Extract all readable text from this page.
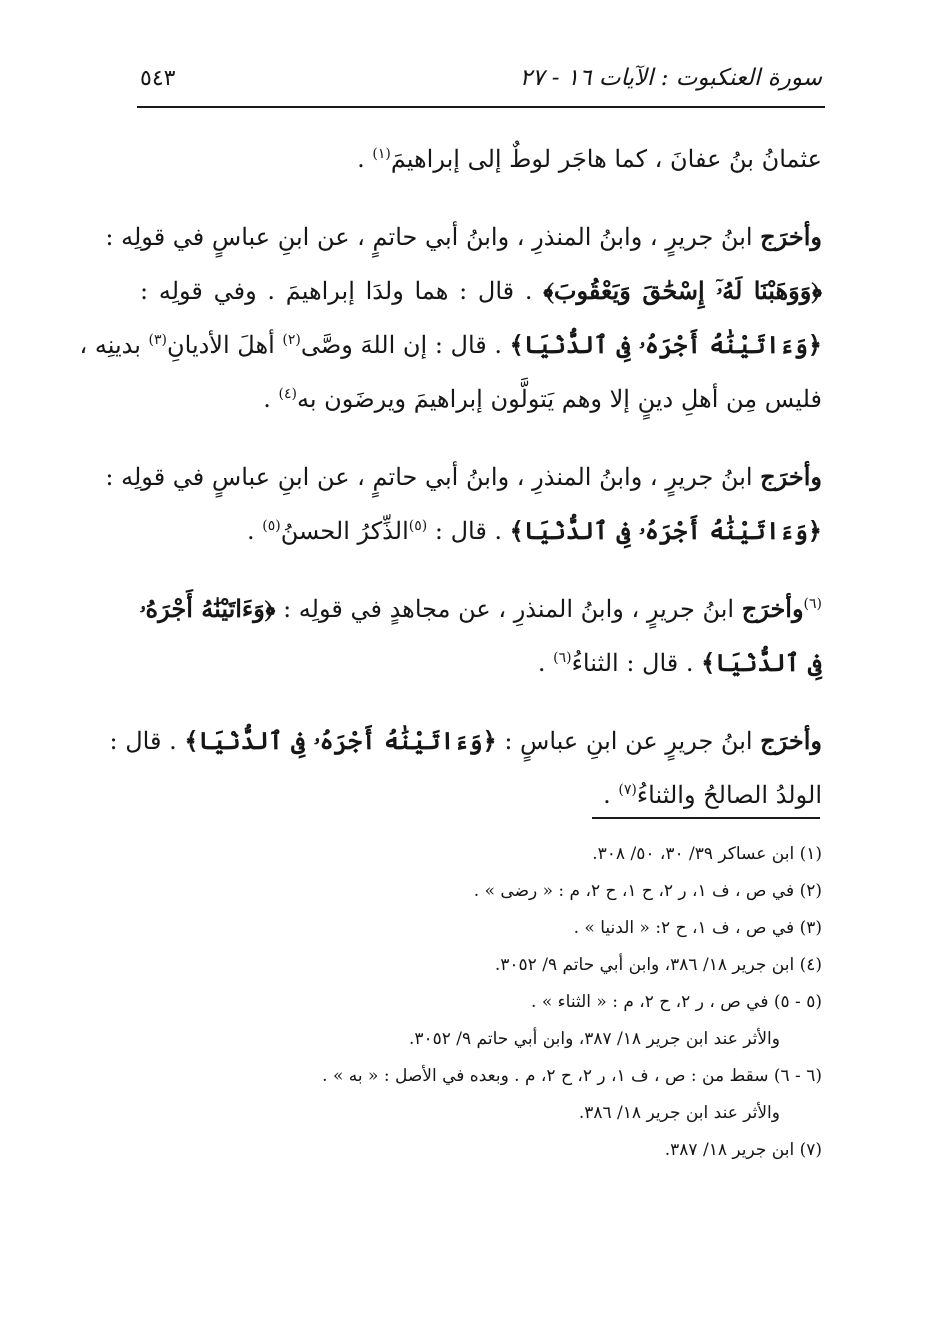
سورة العنكبوت : الآيات ١٦ - ٢٧
٥٤٣
عثمانُ بنُ عفانَ ، كما هاجَر لوطٌ إلى إبراهيمَ$^{(١)}$ .
وأخرَج ابنُ جريرٍ ، وابنُ المنذرِ ، وابنُ أبي حاتمٍ ، عن ابنِ عباسٍ في قولِه :
﴿وَوَهَبْنَا لَهُۥٓ إِسْحَٰقَ وَيَعْقُوبَ﴾ . قال : هما ولدَا إبراهيمَ . وفي قولِه :
﴿وَءَاتَيْنَٰهُ أَجْرَهُۥ فِى ٱلدُّنْيَا﴾ . قال : إن اللهَ وصَّى$^{(٢)}$ أهلَ الأديانِ$^{(٣)}$ بدينِه ،
فليس مِن أهلِ دينٍ إلا وهم يَتولَّون إبراهيمَ ويرضَون به$^{(٤)}$ .
وأخرَج ابنُ جريرٍ ، وابنُ المنذرِ ، وابنُ أبي حاتمٍ ، عن ابنِ عباسٍ في قولِه :
﴿وَءَاتَيْنَٰهُ أَجْرَهُۥ فِى ٱلدُّنْيَا﴾ . قال : $^{(٥)}$الذِّكرُ الحسنُ$^{(٥)}$ .
$^{(٦)}$وأخرَج ابنُ جريرٍ ، وابنُ المنذرِ ، عن مجاهدٍ في قولِه : ﴿وَءَاتَيْنَٰهُ أَجْرَهُۥ
فِى ٱلدُّنْيَا﴾ . قال : الثناءُ$^{(٦)}$ .
وأخرَج ابنُ جريرٍ عن ابنِ عباسٍ : ﴿وَءَاتَيْنَٰهُ أَجْرَهُۥ فِى ٱلدُّنْيَا﴾ . قال :
الولدُ الصالحُ والثناءُ$^{(٧)}$ .
(١) ابن عساكر ٣٩/ ٣٠، ٥٠/ ٣٠٨.
(٢) في ص ، ف ١، ر ٢، ح ١، ح ٢، م : « رضى » .
(٣) في ص ، ف ١، ح ٢: « الدنيا » .
(٤) ابن جرير ١٨/ ٣٨٦، وابن أبي حاتم ٩/ ٣٠٥٢.
(٥ - ٥) في ص ، ر ٢، ح ٢، م : « الثناء » .
والأثر عند ابن جرير ١٨/ ٣٨٧، وابن أبي حاتم ٩/ ٣٠٥٢.
(٦ - ٦) سقط من : ص ، ف ١، ر ٢، ح ٢، م . وبعده في الأصل : « به » .
والأثر عند ابن جرير ١٨/ ٣٨٦.
(٧) ابن جرير ١٨/ ٣٨٧.
